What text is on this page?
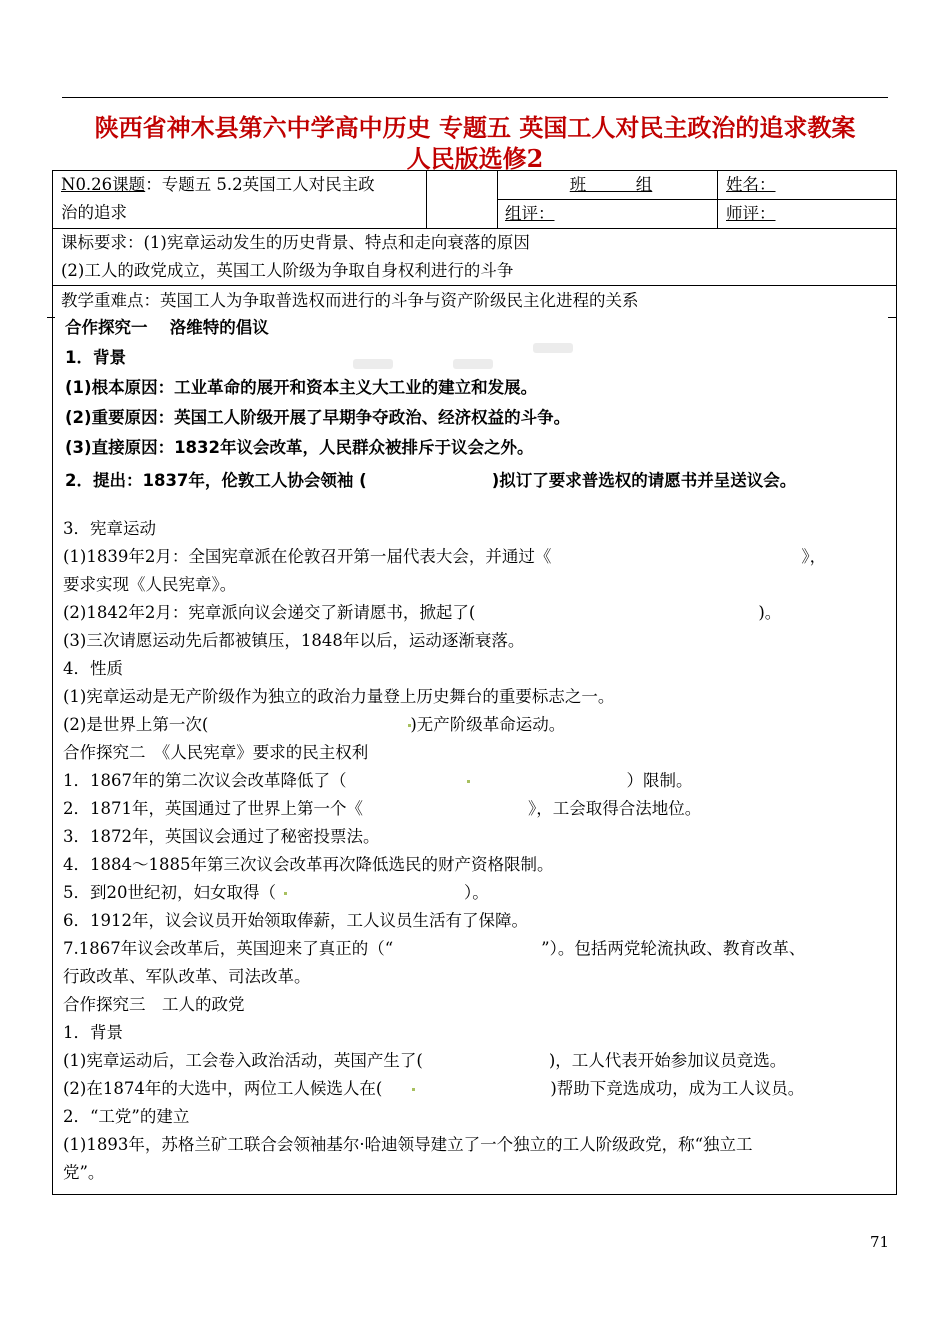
陕西省神木县第六中学高中历史 专题五 英国工人对民主政治的追求教案
人民版选修2
N0.26课题：专题五 5.2英国工人对民主政
治的追求
班　　　组	姓名：
组评：	师评：
课标要求：(1)宪章运动发生的历史背景、特点和走向衰落的原因
(2)工人的政党成立，英国工人阶级为争取自身权利进行的斗争
教学重难点：英国工人为争取普选权而进行的斗争与资产阶级民主化进程的关系
合作探究一　 洛维特的倡议
1．背景
(1)根本原因：工业革命的展开和资本主义大工业的建立和发展。
(2)重要原因：英国工人阶级开展了早期争夺政治、经济权益的斗争。
(3)直接原因：1832年议会改革，人民群众被排斥于议会之外。
2．提出：1837年，伦敦工人协会领袖 (	)拟订了要求普选权的请愿书并呈送议会。
3．宪章运动
(1)1839年2月：全国宪章派在伦敦召开第一届代表大会，并通过《	》，
要求实现《人民宪章》。
(2)1842年2月：宪章派向议会递交了新请愿书，掀起了(	)。
(3)三次请愿运动先后都被镇压，1848年以后，运动逐渐衰落。
4．性质
(1)宪章运动是无产阶级作为独立的政治力量登上历史舞台的重要标志之一。
(2)是世界上第一次(	)无产阶级革命运动。
合作探究二　《人民宪章》要求的民主权利
1．1867年的第二次议会改革降低了（	）限制。
2．1871年，英国通过了世界上第一个《	》，工会取得合法地位。
3．1872年，英国议会通过了秘密投票法。
4．1884～1885年第三次议会改革再次降低选民的财产资格限制。
5．到20世纪初，妇女取得（	）。
6．1912年，议会议员开始领取俸薪，工人议员生活有了保障。
7.1867年议会改革后，英国迎来了真正的（“	”）。包括两党轮流执政、教育改革、
行政改革、军队改革、司法改革。
合作探究三　工人的政党
1．背景
(1)宪章运动后，工会卷入政治活动，英国产生了(	)，工人代表开始参加议员竞选。
(2)在1874年的大选中，两位工人候选人在(	)帮助下竞选成功，成为工人议员。
2．“工党”的建立
(1)1893年，苏格兰矿工联合会领袖基尔·哈迪领导建立了一个独立的工人阶级政党，称“独立工
党”。
71
